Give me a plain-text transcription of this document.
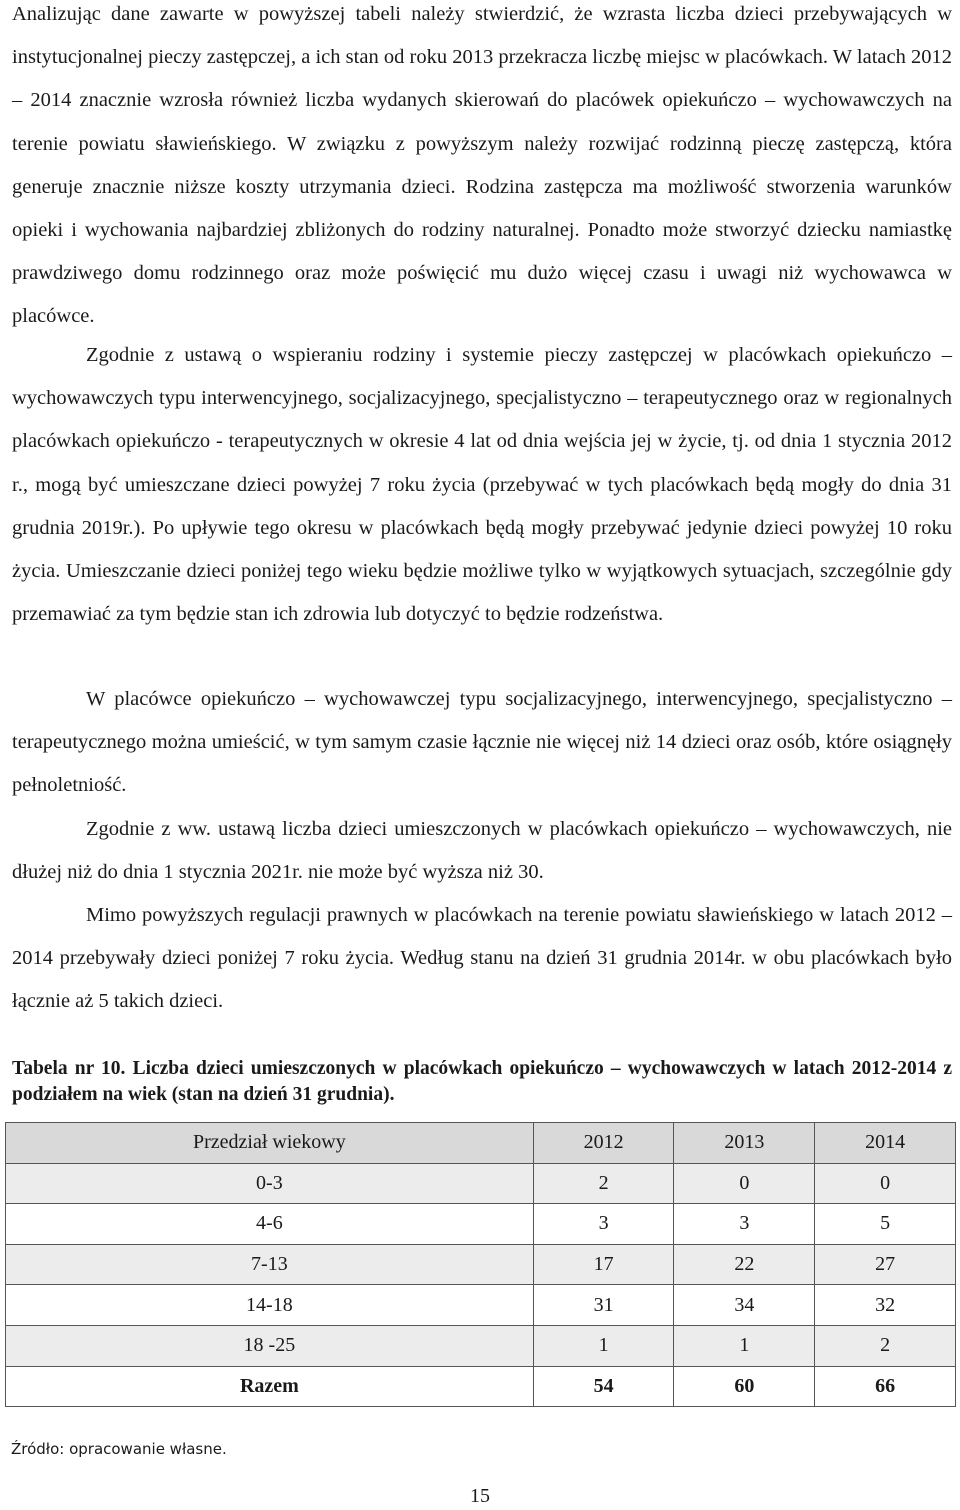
Analizując dane zawarte w powyższej tabeli należy stwierdzić, że wzrasta liczba dzieci przebywających w instytucjonalnej pieczy zastępczej, a ich stan od roku 2013 przekracza liczbę miejsc w placówkach. W latach 2012 – 2014 znacznie wzrosła również liczba wydanych skierowań do placówek opiekuńczo – wychowawczych na terenie powiatu sławieńskiego. W związku z powyższym należy rozwijać rodzinną pieczę zastępczą, która generuje znacznie niższe koszty utrzymania dzieci. Rodzina zastępcza ma możliwość stworzenia warunków opieki i wychowania najbardziej zbliżonych do rodziny naturalnej. Ponadto może stworzyć dziecku namiastkę prawdziwego domu rodzinnego oraz może poświęcić mu dużo więcej czasu i uwagi niż wychowawca w placówce.

Zgodnie z ustawą o wspieraniu rodziny i systemie pieczy zastępczej w placówkach opiekuńczo – wychowawczych typu interwencyjnego, socjalizacyjnego, specjalistyczno – terapeutycznego oraz w regionalnych placówkach opiekuńczo - terapeutycznych w okresie 4 lat od dnia wejścia jej w życie, tj. od dnia 1 stycznia 2012 r., mogą być umieszczane dzieci powyżej 7 roku życia (przebywać w tych placówkach będą mogły do dnia 31 grudnia 2019r.). Po upływie tego okresu w placówkach będą mogły przebywać jedynie dzieci powyżej 10 roku życia. Umieszczanie dzieci poniżej tego wieku będzie możliwe tylko w wyjątkowych sytuacjach, szczególnie gdy przemawiać za tym będzie stan ich zdrowia lub dotyczyć to będzie rodzeństwa.

W placówce opiekuńczo – wychowawczej typu socjalizacyjnego, interwencyjnego, specjalistyczno – terapeutycznego można umieścić, w tym samym czasie łącznie nie więcej niż 14 dzieci oraz osób, które osiągnęły pełnoletniość.

Zgodnie z ww. ustawą liczba dzieci umieszczonych w placówkach opiekuńczo – wychowawczych, nie dłużej niż do dnia 1 stycznia 2021r. nie może być wyższa niż 30.

Mimo powyższych regulacji prawnych w placówkach na terenie powiatu sławieńskiego w latach 2012 – 2014 przebywały dzieci poniżej 7 roku życia. Według stanu na dzień 31 grudnia 2014r. w obu placówkach było łącznie aż 5 takich dzieci.

Tabela nr 10. Liczba dzieci umieszczonych w placówkach opiekuńczo – wychowawczych w latach 2012-2014 z podziałem na wiek (stan na dzień 31 grudnia).

Przedział wiekowy	2012	2013	2014
0-3	2	0	0
4-6	3	3	5
7-13	17	22	27
14-18	31	34	32
18 -25	1	1	2
Razem	54	60	66

Źródło: opracowanie własne.

15
